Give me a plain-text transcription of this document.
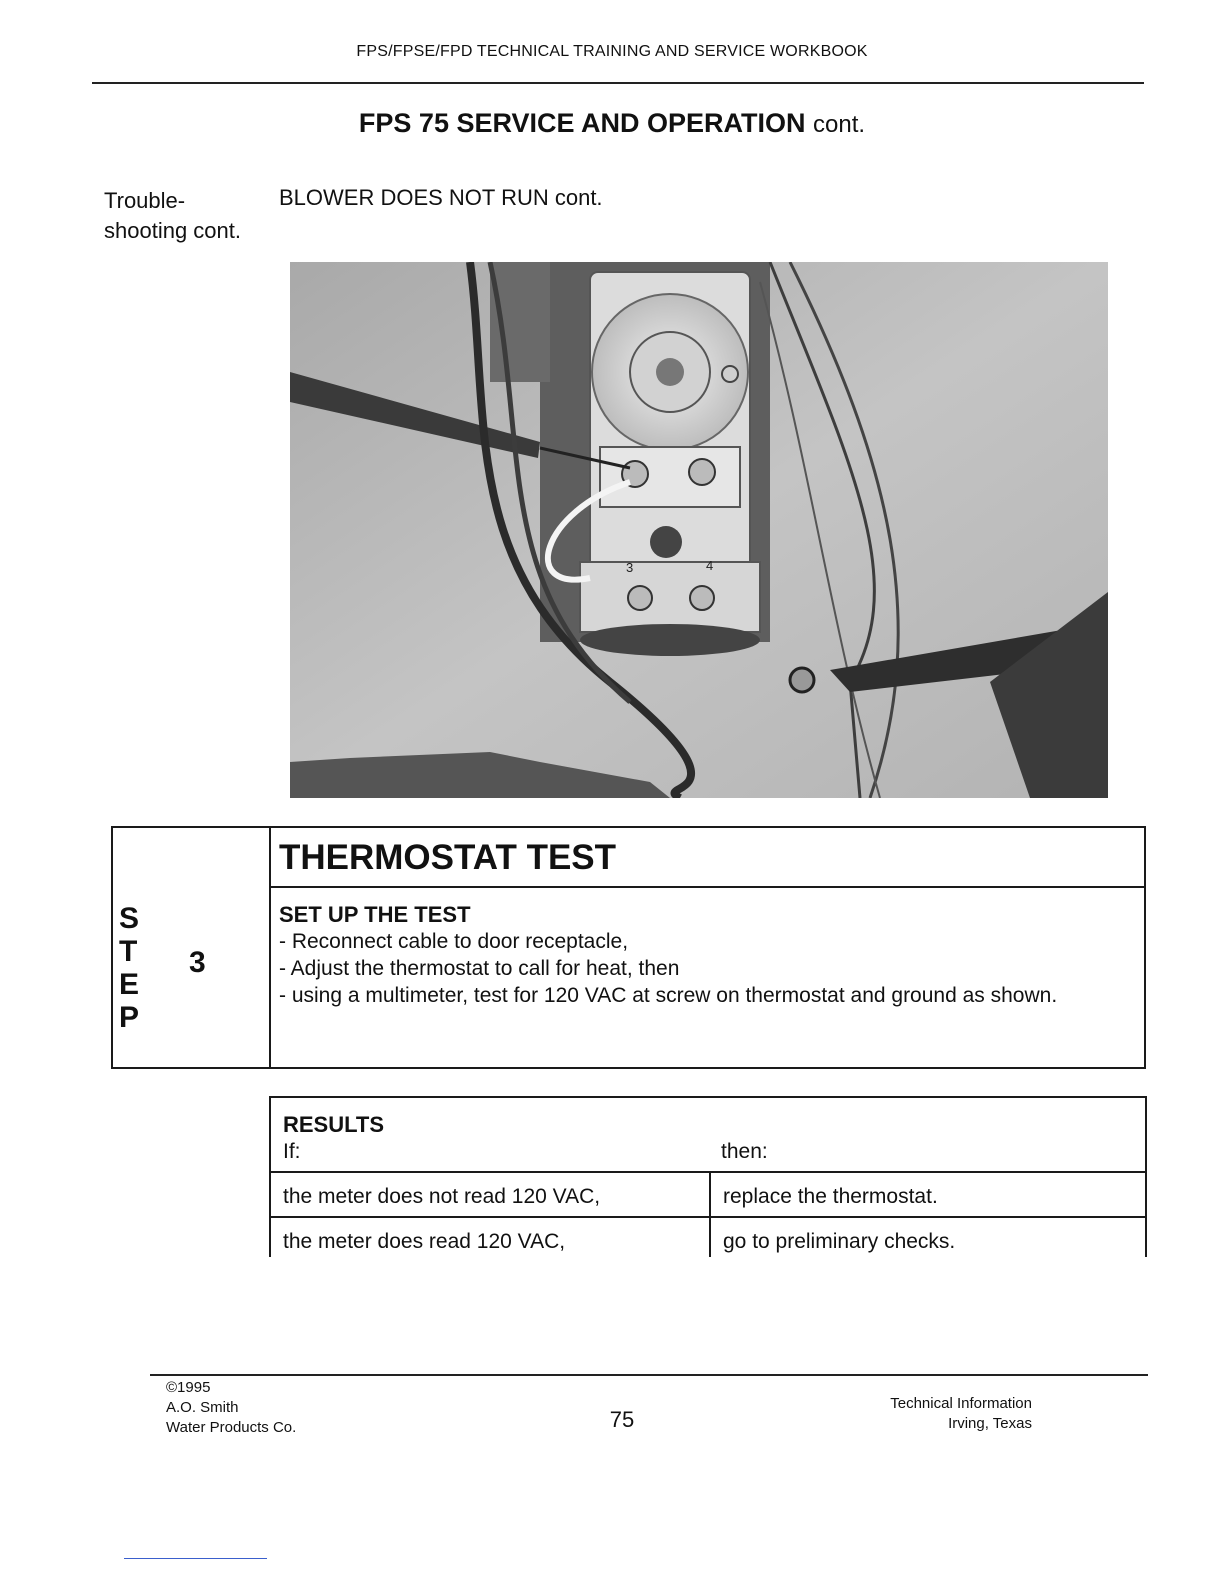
FPS/FPSE/FPD TECHNICAL TRAINING AND SERVICE WORKBOOK
FPS 75 SERVICE AND OPERATION cont.
Trouble-
shooting cont.
BLOWER DOES NOT RUN cont.
3	4
S
T
E
P
3
THERMOSTAT TEST
SET UP THE TEST
- Reconnect cable to door receptacle,
- Adjust the thermostat to call for heat, then
- using a multimeter, test for 120 VAC at screw on thermostat and ground as shown.
RESULTS
If:	then:
the meter does not read 120 VAC,	replace the thermostat.
the meter does read 120 VAC,	go to preliminary checks.
©1995
A.O. Smith
Water Products Co.	75
Technical Information
Irving, Texas
